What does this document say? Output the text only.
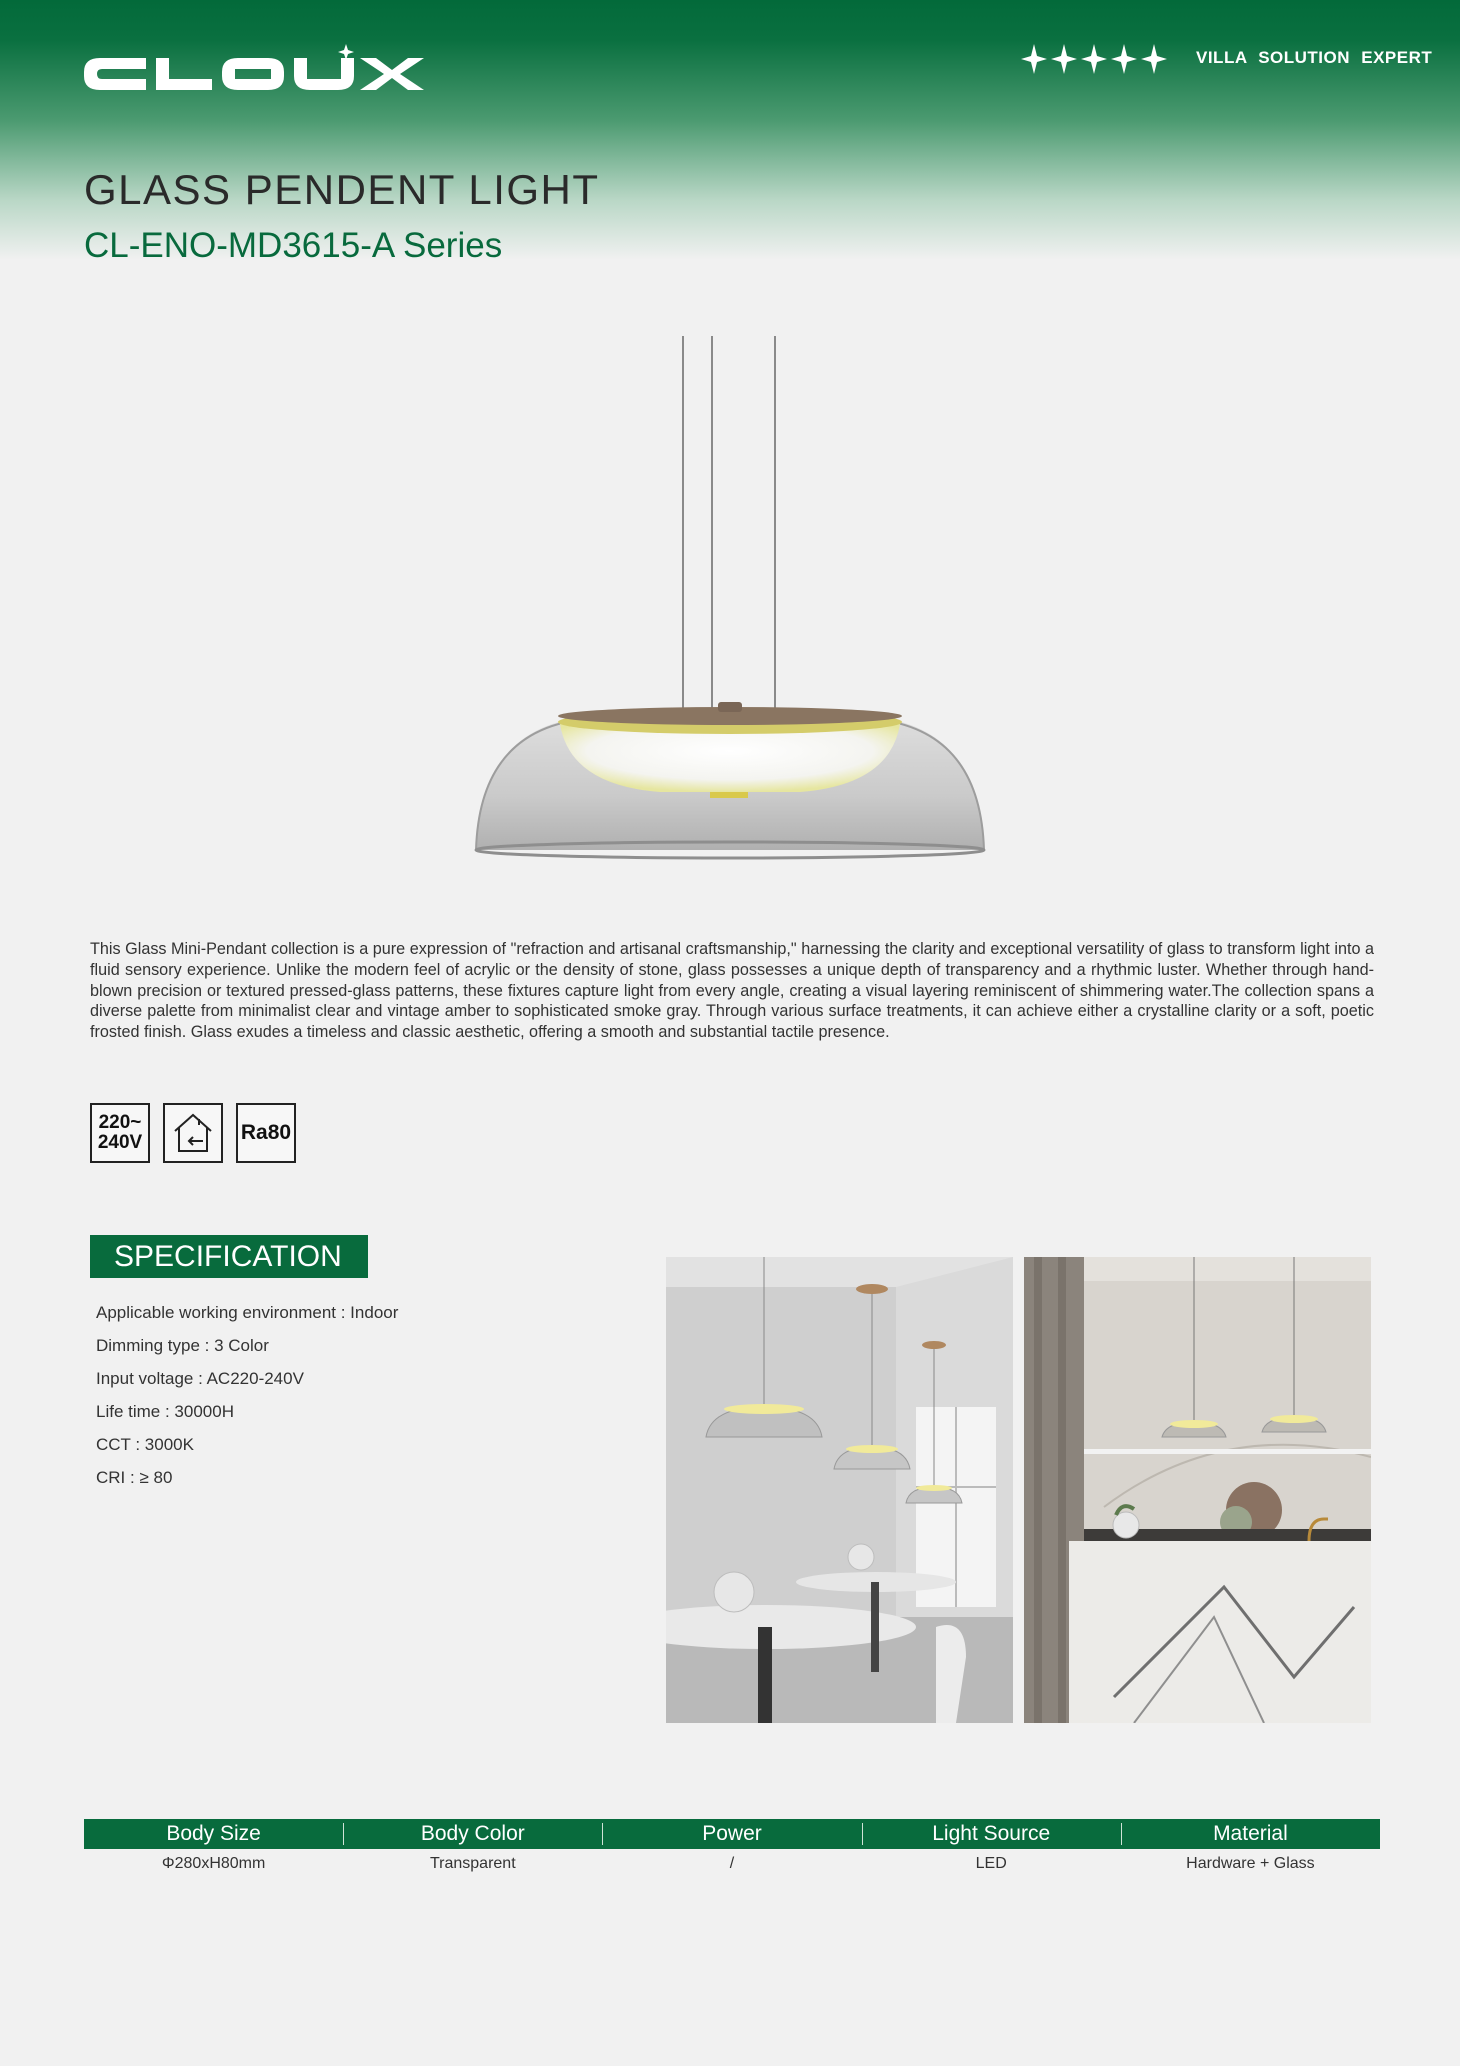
VILLA SOLUTION EXPERT
GLASS PENDENT LIGHT
CL-ENO-MD3615-A Series
This Glass Mini-Pendant collection is a pure expression of "refraction and artisanal craftsmanship," harnessing the clarity and exceptional versatility of glass to transform light into a fluid sensory experience. Unlike the modern feel of acrylic or the density of stone, glass possesses a unique depth of transparency and a rhythmic luster. Whether through hand-blown precision or textured pressed-glass patterns, these fixtures capture light from every angle, creating a visual layering reminiscent of shimmering water.The collection spans a diverse palette from minimalist clear and vintage amber to sophisticated smoke gray. Through various surface treatments, it can achieve either a crystalline clarity or a soft, poetic frosted finish. Glass exudes a timeless and classic aesthetic, offering a smooth and substantial tactile presence.
220~
240V	Ra80
SPECIFICATION
Applicable working environment : Indoor
Dimming type : 3 Color
Input voltage : AC220-240V
Life time : 30000H
CCT : 3000K
CRI : ≥ 80
Body Size	Body Color	Power	Light Source	Material
Φ280xH80mm	Transparent	/	LED	Hardware + Glass
